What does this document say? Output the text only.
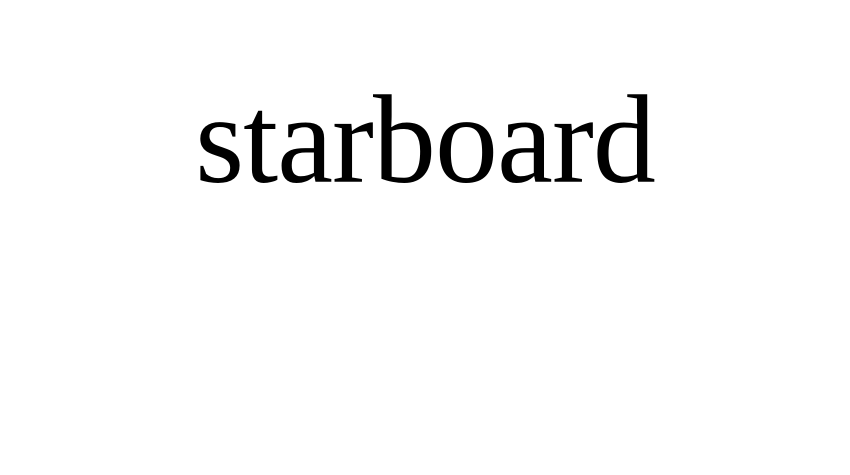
starboard
